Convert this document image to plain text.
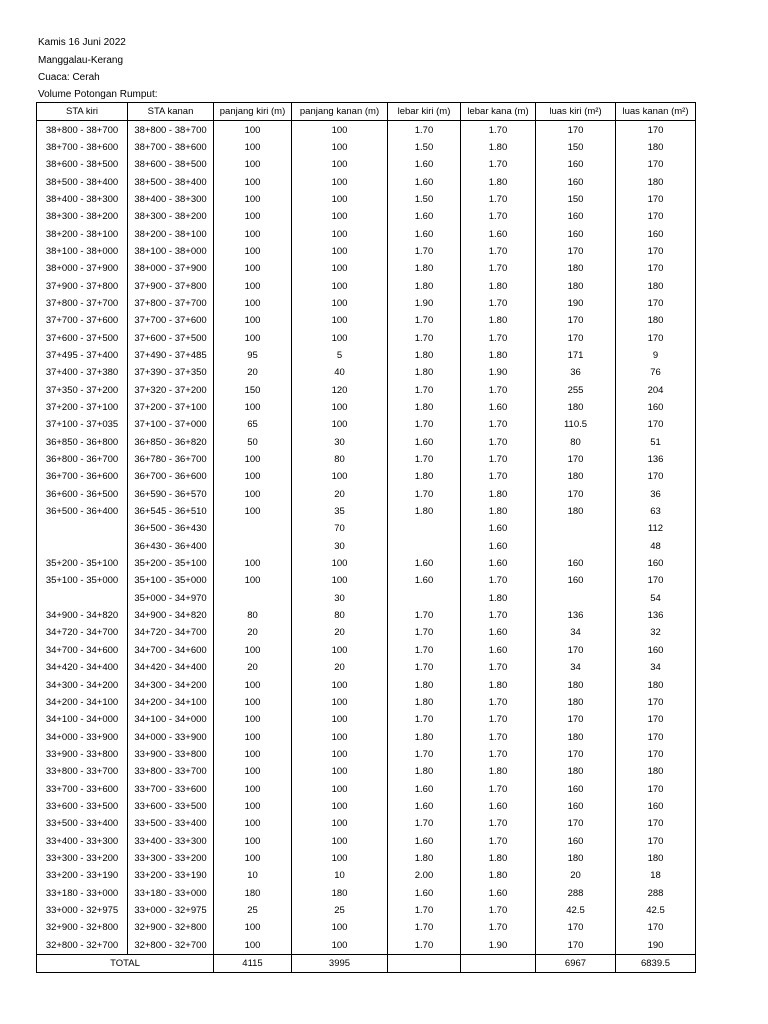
Kamis 16 Juni 2022
Manggalau-Kerang
Cuaca: Cerah
Volume Potongan Rumput:
STA kiri	STA kanan	panjang kiri (m)	panjang kanan (m)	lebar kiri (m)	lebar kana (m)	luas kiri (m²)	luas kanan (m²)
38+800 - 38+700	38+800 - 38+700	100	100	1.70	1.70	170	170
38+700 - 38+600	38+700 - 38+600	100	100	1.50	1.80	150	180
38+600 - 38+500	38+600 - 38+500	100	100	1.60	1.70	160	170
38+500 - 38+400	38+500 - 38+400	100	100	1.60	1.80	160	180
38+400 - 38+300	38+400 - 38+300	100	100	1.50	1.70	150	170
38+300 - 38+200	38+300 - 38+200	100	100	1.60	1.70	160	170
38+200 - 38+100	38+200 - 38+100	100	100	1.60	1.60	160	160
38+100 - 38+000	38+100 - 38+000	100	100	1.70	1.70	170	170
38+000 - 37+900	38+000 - 37+900	100	100	1.80	1.70	180	170
37+900 - 37+800	37+900 - 37+800	100	100	1.80	1.80	180	180
37+800 - 37+700	37+800 - 37+700	100	100	1.90	1.70	190	170
37+700 - 37+600	37+700 - 37+600	100	100	1.70	1.80	170	180
37+600 - 37+500	37+600 - 37+500	100	100	1.70	1.70	170	170
37+495 - 37+400	37+490 - 37+485	95	5	1.80	1.80	171	9
37+400 - 37+380	37+390 - 37+350	20	40	1.80	1.90	36	76
37+350 - 37+200	37+320 - 37+200	150	120	1.70	1.70	255	204
37+200 - 37+100	37+200 - 37+100	100	100	1.80	1.60	180	160
37+100 - 37+035	37+100 - 37+000	65	100	1.70	1.70	110.5	170
36+850 - 36+800	36+850 - 36+820	50	30	1.60	1.70	80	51
36+800 - 36+700	36+780 - 36+700	100	80	1.70	1.70	170	136
36+700 - 36+600	36+700 - 36+600	100	100	1.80	1.70	180	170
36+600 - 36+500	36+590 - 36+570	100	20	1.70	1.80	170	36
36+500 - 36+400	36+545 - 36+510	100	35	1.80	1.80	180	63
	36+500 - 36+430		70		1.60		112
	36+430 - 36+400		30		1.60		48
35+200 - 35+100	35+200 - 35+100	100	100	1.60	1.60	160	160
35+100 - 35+000	35+100 - 35+000	100	100	1.60	1.70	160	170
	35+000 - 34+970		30		1.80		54
34+900 - 34+820	34+900 - 34+820	80	80	1.70	1.70	136	136
34+720 - 34+700	34+720 - 34+700	20	20	1.70	1.60	34	32
34+700 - 34+600	34+700 - 34+600	100	100	1.70	1.60	170	160
34+420 - 34+400	34+420 - 34+400	20	20	1.70	1.70	34	34
34+300 - 34+200	34+300 - 34+200	100	100	1.80	1.80	180	180
34+200 - 34+100	34+200 - 34+100	100	100	1.80	1.70	180	170
34+100 - 34+000	34+100 - 34+000	100	100	1.70	1.70	170	170
34+000 - 33+900	34+000 - 33+900	100	100	1.80	1.70	180	170
33+900 - 33+800	33+900 - 33+800	100	100	1.70	1.70	170	170
33+800 - 33+700	33+800 - 33+700	100	100	1.80	1.80	180	180
33+700 - 33+600	33+700 - 33+600	100	100	1.60	1.70	160	170
33+600 - 33+500	33+600 - 33+500	100	100	1.60	1.60	160	160
33+500 - 33+400	33+500 - 33+400	100	100	1.70	1.70	170	170
33+400 - 33+300	33+400 - 33+300	100	100	1.60	1.70	160	170
33+300 - 33+200	33+300 - 33+200	100	100	1.80	1.80	180	180
33+200 - 33+190	33+200 - 33+190	10	10	2.00	1.80	20	18
33+180 - 33+000	33+180 - 33+000	180	180	1.60	1.60	288	288
33+000 - 32+975	33+000 - 32+975	25	25	1.70	1.70	42.5	42.5
32+900 - 32+800	32+900 - 32+800	100	100	1.70	1.70	170	170
32+800 - 32+700	32+800 - 32+700	100	100	1.70	1.90	170	190
TOTAL		4115	3995			6967	6839.5
